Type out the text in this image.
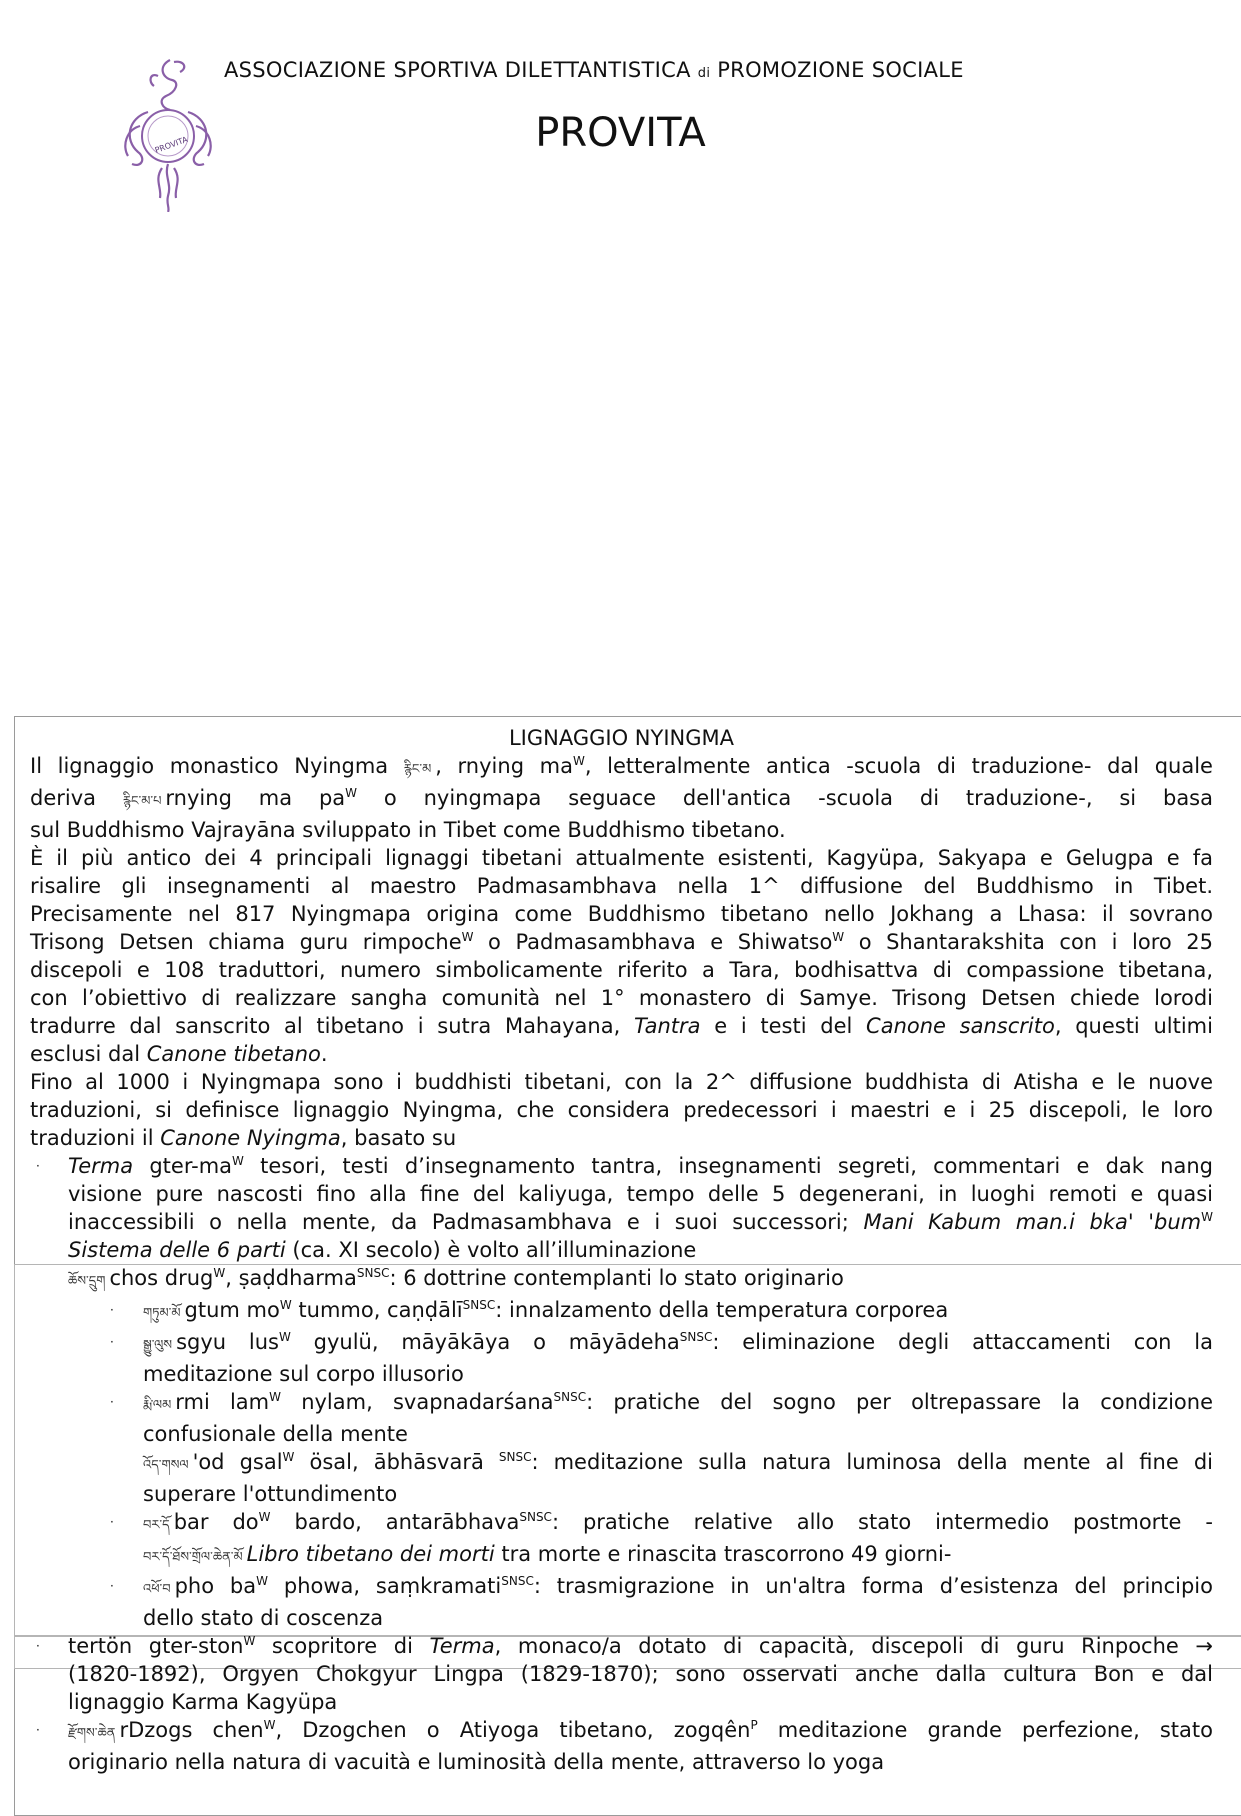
PROVITA
ASSOCIAZIONE SPORTIVA DILETTANTISTICA di PROMOZIONE SOCIALE
PROVITA
LIGNAGGIO NYINGMA
Il lignaggio monastico Nyingma རྙིང་མ , rnying $ma^W$, letteralmente antica -scuola di traduzione- dal quale
deriva རྙིང་མ་པ rnying ma $pa^W$ o nyingmapa seguace dell'antica -scuola di traduzione-, si basa
sul Buddhismo Vajrayāna sviluppato in Tibet come Buddhismo tibetano.
È il più antico dei 4 principali lignaggi tibetani attualmente esistenti, Kagyüpa, Sakyapa e Gelugpa e fa
risalire gli insegnamenti al maestro Padmasambhava nella 1^ diffusione del Buddhismo in Tibet.
Precisamente nel 817 Nyingmapa origina come Buddhismo tibetano nello Jokhang a Lhasa: il sovrano
Trisong Detsen chiama guru rimpoche$^W$ o Padmasambhava e Shiwatso$^W$ o Shantarakshita con i loro 25
discepoli e 108 traduttori, numero simbolicamente riferito a Tara, bodhisattva di compassione tibetana,
con l’obiettivo di realizzare sangha comunità nel 1° monastero di Samye. Trisong Detsen chiede lorodi
tradurre dal sanscrito al tibetano i sutra Mahayana, Tantra e i testi del Canone sanscrito, questi ultimi
esclusi dal Canone tibetano.
Fino al 1000 i Nyingmapa sono i buddhisti tibetani, con la 2^ diffusione buddhista di Atisha e le nuove
traduzioni, si definisce lignaggio Nyingma, che considera predecessori i maestri e i 25 discepoli, le loro
traduzioni il Canone Nyingma, basato su
· Terma gter-$ma^W$ tesori, testi d’insegnamento tantra, insegnamenti segreti, commentari e dak nang
visione pure nascosti fino alla fine del kaliyuga, tempo delle 5 degenerani, in luoghi remoti e quasi
inaccessibili o nella mente, da Padmasambhava e i suoi successori; Mani Kabum man.i bka' 'bum$^W$
Sistema delle 6 parti (ca. XI secolo) è volto all’illuminazione
ཆོས་དྲུག chos drug$^W$, ṣaḍdharma$^{SNSC}$: 6 dottrine contemplanti lo stato originario
· གཏུམ་མོ gtum $mo^W$ tummo, caṇḍālī$^{SNSC}$: innalzamento della temperatura corporea
· སྒྱུ་ལུས sgyu lus$^W$ gyulü, māyākāya o māyādeha$^{SNSC}$: eliminazione degli attaccamenti con la
meditazione sul corpo illusorio
· རྨི་ལམ rmi lam$^W$ nylam, svapnadarśana$^{SNSC}$: pratiche del sogno per oltrepassare la condizione
confusionale della mente
འོད་གསལ 'od gsal$^W$ ösal, ābhāsvarā $^{SNSC}$: meditazione sulla natura luminosa della mente al fine di
superare l'ottundimento
· བར་དོ bar $do^W$ bardo, antarābhava$^{SNSC}$: pratiche relative allo stato intermedio postmorte -
བར་དོ་ཐོས་གྲོལ་ཆེན་མོ Libro tibetano dei morti tra morte e rinascita trascorrono 49 giorni-
· འཕོ་བ pho $ba^W$ phowa, saṃkramati$^{SNSC}$: trasmigrazione in un'altra forma d’esistenza del principio
dello stato di coscenza
· tertön gter-ston$^W$ scopritore di Terma, monaco/a dotato di capacità, discepoli di guru Rinpoche →
(1820-1892), Orgyen Chokgyur Lingpa (1829-1870); sono osservati anche dalla cultura Bon e dal
lignaggio Karma Kagyüpa
· རྫོགས་ཆེན rDzogs chen$^W$, Dzogchen o Atiyoga tibetano, zogqên$^P$ meditazione grande perfezione, stato
originario nella natura di vacuità e luminosità della mente, attraverso lo yoga
